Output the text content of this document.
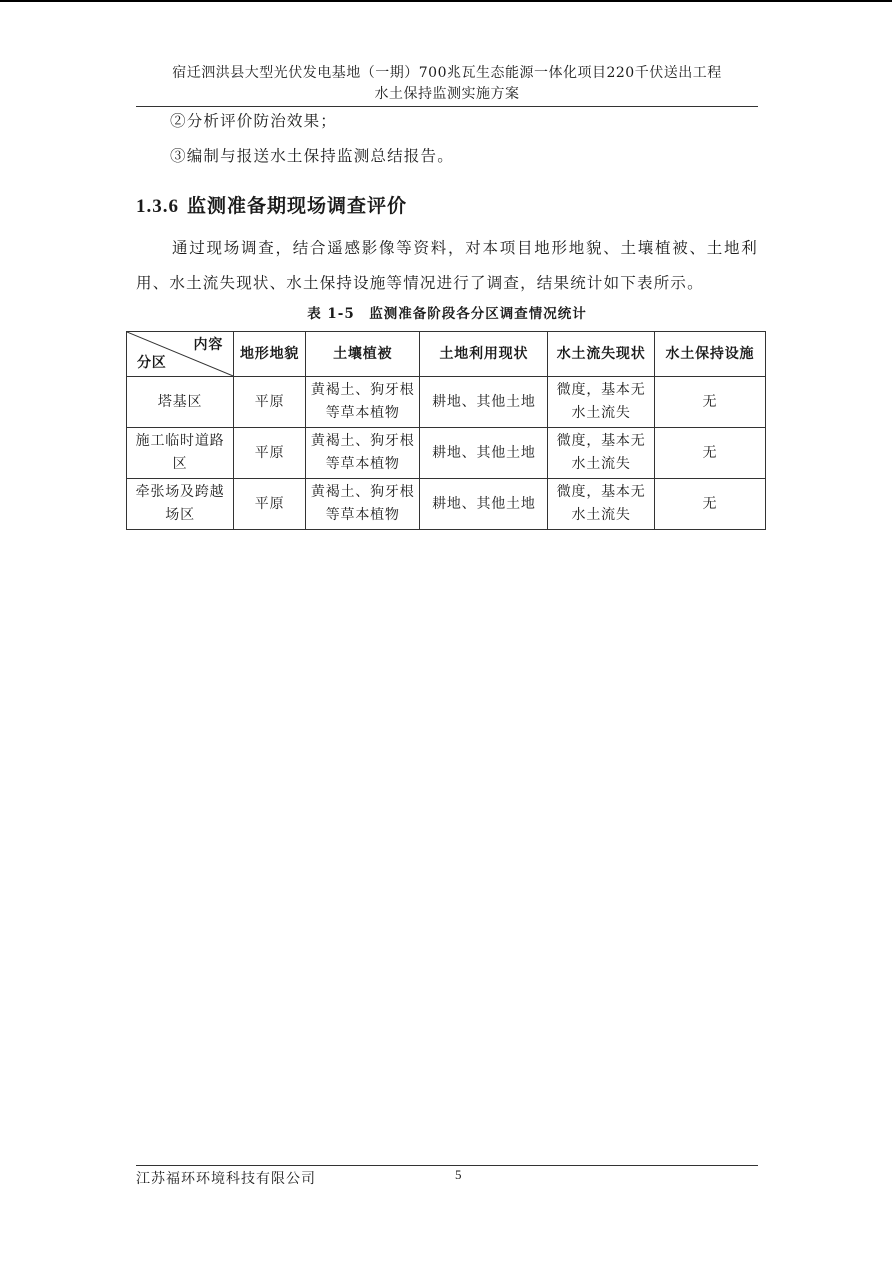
宿迁泗洪县大型光伏发电基地（一期）700兆瓦生态能源一体化项目220千伏送出工程
水土保持监测实施方案

②分析评价防治效果；

③编制与报送水土保持监测总结报告。

1.3.6 监测准备期现场调查评价

通过现场调查，结合遥感影像等资料，对本项目地形地貌、土壤植被、土地利用、水土流失现状、水土保持设施等情况进行了调查，结果统计如下表所示。

表 1-5　监测准备阶段各分区调查情况统计
内容
分区	地形地貌	土壤植被	土地利用现状	水土流失现状	水土保持设施
塔基区	平原	黄褐土、狗牙根等草本植物	耕地、其他土地	微度，基本无水土流失	无
施工临时道路区	平原	黄褐土、狗牙根等草本植物	耕地、其他土地	微度，基本无水土流失	无
牵张场及跨越场区	平原	黄褐土、狗牙根等草本植物	耕地、其他土地	微度，基本无水土流失	无
江苏福环环境科技有限公司	5
